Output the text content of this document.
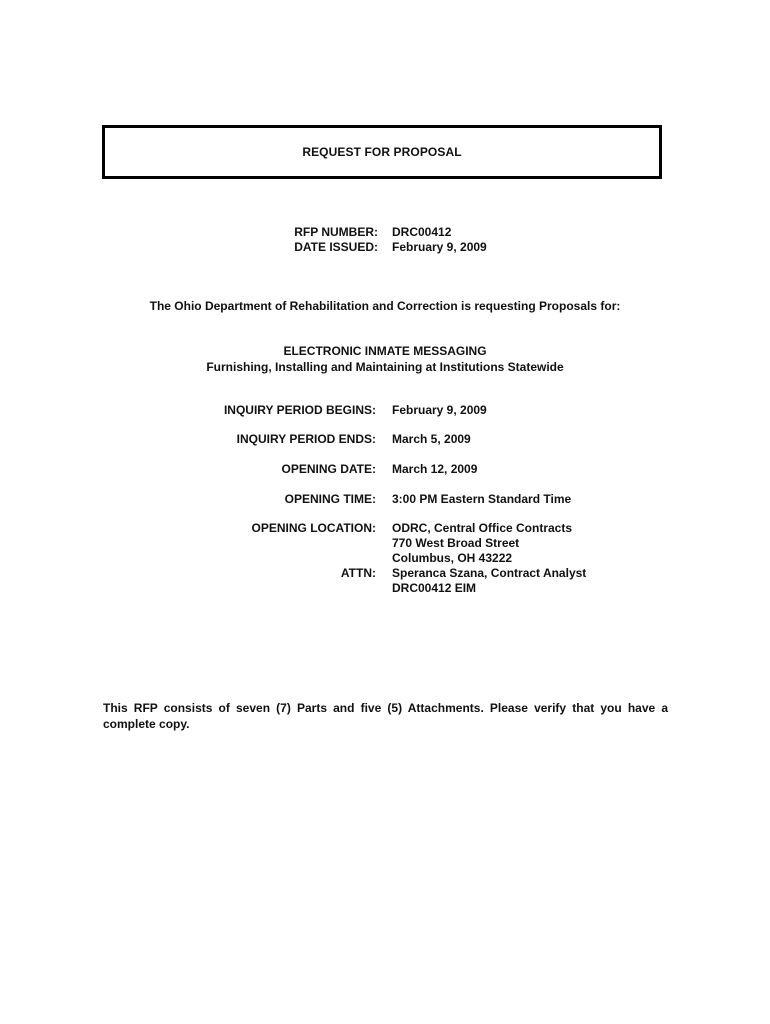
REQUEST FOR PROPOSAL
RFP NUMBER: DRC00412
DATE ISSUED: February 9, 2009
The Ohio Department of Rehabilitation and Correction is requesting Proposals for:
ELECTRONIC INMATE MESSAGING
Furnishing, Installing and Maintaining at Institutions Statewide
INQUIRY PERIOD BEGINS: February 9, 2009
INQUIRY PERIOD ENDS: March 5, 2009
OPENING DATE: March 12, 2009
OPENING TIME: 3:00 PM Eastern Standard Time
OPENING LOCATION: ODRC, Central Office Contracts
770 West Broad Street
Columbus, OH 43222
ATTN: Speranca Szana, Contract Analyst
DRC00412 EIM
This RFP consists of seven (7) Parts and five (5) Attachments. Please verify that you have a complete copy.
